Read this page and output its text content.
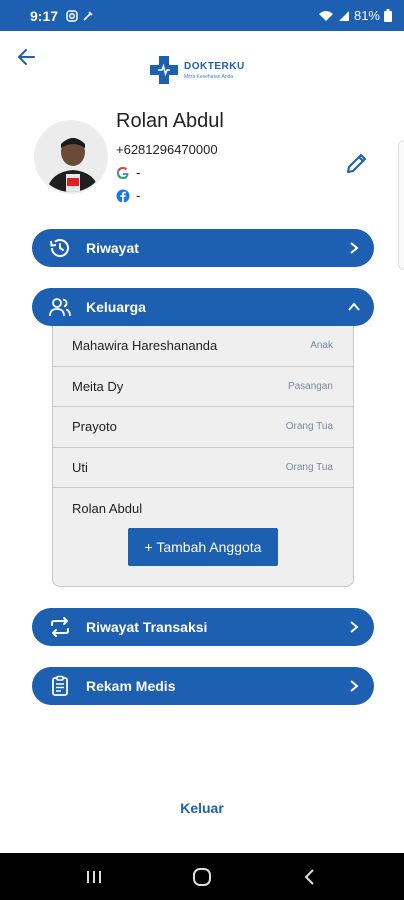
9:17	81%
DOKTERKU
Mitra Kesehatan Anda
Rolan Abdul
+6281296470000
-
-
Riwayat
Keluarga
Mahawira Hareshananda	Anak
Meita Dy	Pasangan
Prayoto	Orang Tua
Uti	Orang Tua
Rolan Abdul
+ Tambah Anggota
Riwayat Transaksi
Rekam Medis
Keluar
